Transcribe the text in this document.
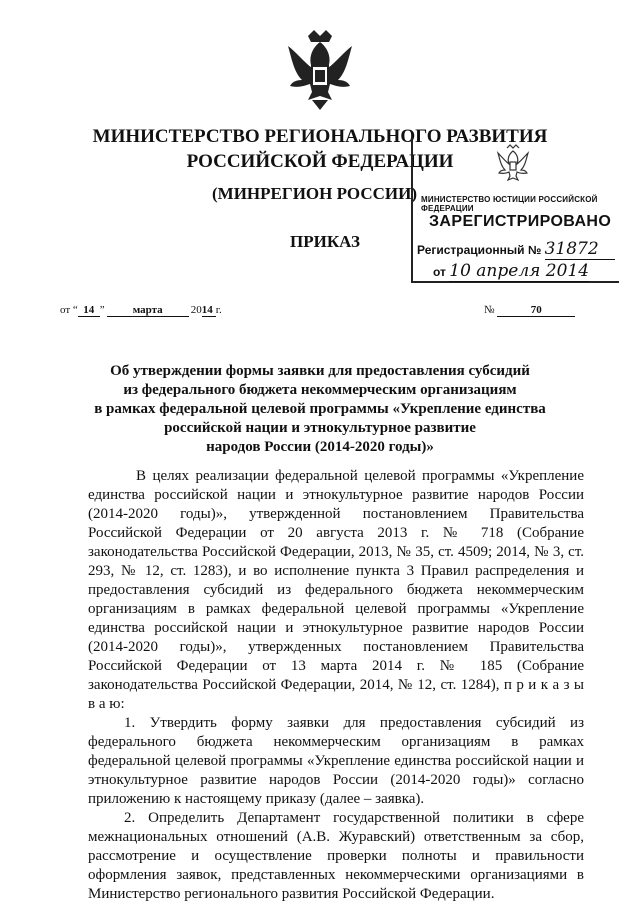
МИНИСТЕРСТВО РЕГИОНАЛЬНОГО РАЗВИТИЯ
РОССИЙСКОЙ ФЕДЕРАЦИИ
(МИНРЕГИОН РОССИИ)
ПРИКАЗ
МИНИСТЕРСТВО ЮСТИЦИИ РОССИЙСКОЙ ФЕДЕРАЦИИ
ЗАРЕГИСТРИРОВАНО
Регистрационный № 31872
от 10 апреля 2014
от “ 14 ”	марта	2014 г.	№	70
Об утверждении формы заявки для предоставления субсидий
из федерального бюджета некоммерческим организациям
в рамках федеральной целевой программы «Укрепление единства
российской нации и этнокультурное развитие
народов России (2014-2020 годы)»

В целях реализации федеральной целевой программы «Укрепление единства российской нации и этнокультурное развитие народов России (2014-2020 годы)», утвержденной постановлением Правительства Российской Федерации от 20 августа 2013 г. № 718 (Собрание законодательства Российской Федерации, 2013, № 35, ст. 4509; 2014, № 3, ст. 293, № 12, ст. 1283), и во исполнение пункта 3 Правил распределения и предоставления субсидий из федерального бюджета некоммерческим организациям в рамках федеральной целевой программы «Укрепление единства российской нации и этнокультурное развитие народов России (2014-2020 годы)», утвержденных постановлением Правительства Российской Федерации от 13 марта 2014 г. № 185 (Собрание законодательства Российской Федерации, 2014, № 12, ст. 1284), п р и к а з ы в а ю:

1. Утвердить форму заявки для предоставления субсидий из федерального бюджета некоммерческим организациям в рамках федеральной целевой программы «Укрепление единства российской нации и этнокультурное развитие народов России (2014-2020 годы)» согласно приложению к настоящему приказу (далее – заявка).

2. Определить Департамент государственной политики в сфере межнациональных отношений (А.В. Журавский) ответственным за сбор, рассмотрение и осуществление проверки полноты и правильности оформления заявок, представленных некоммерческими организациями в Министерство регионального развития Российской Федерации.
